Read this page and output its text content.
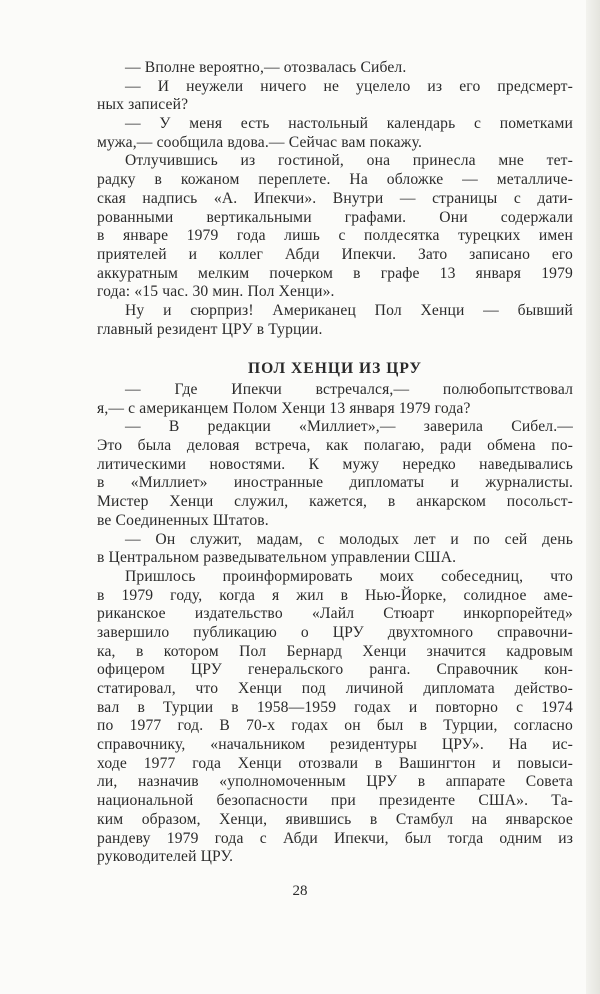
— Вполне вероятно,— отозвалась Сибел.
— И неужели ничего не уцелело из его предсмерт-
ных записей?
— У меня есть настольный календарь с пометками
мужа,— сообщила вдова.— Сейчас вам покажу.
Отлучившись из гостиной, она принесла мне тет-
радку в кожаном переплете. На обложке — металличе-
ская надпись «А. Ипекчи». Внутри — страницы с дати-
рованными вертикальными графами. Они содержали
в январе 1979 года лишь с полдесятка турецких имен
приятелей и коллег Абди Ипекчи. Зато записано его
аккуратным мелким почерком в графе 13 января 1979
года: «15 час. 30 мин. Пол Хенци».
Ну и сюрприз! Американец Пол Хенци — бывший
главный резидент ЦРУ в Турции.
ПОЛ ХЕНЦИ ИЗ ЦРУ
— Где Ипекчи встречался,— полюбопытствовал
я,— с американцем Полом Хенци 13 января 1979 года?
— В редакции «Миллиет»,— заверила Сибел.—
Это была деловая встреча, как полагаю, ради обмена по-
литическими новостями. К мужу нередко наведывались
в «Миллиет» иностранные дипломаты и журналисты.
Мистер Хенци служил, кажется, в анкарском посольст-
ве Соединенных Штатов.
— Он служит, мадам, с молодых лет и по сей день
в Центральном разведывательном управлении США.
Пришлось проинформировать моих собеседниц, что
в 1979 году, когда я жил в Нью-Йорке, солидное аме-
риканское издательство «Лайл Стюарт инкорпорейтед»
завершило публикацию о ЦРУ двухтомного справочни-
ка, в котором Пол Бернард Хенци значится кадровым
офицером ЦРУ генеральского ранга. Справочник кон-
статировал, что Хенци под личиной дипломата действо-
вал в Турции в 1958—1959 годах и повторно с 1974
по 1977 год. В 70-х годах он был в Турции, согласно
справочнику, «начальником резидентуры ЦРУ». На ис-
ходе 1977 года Хенци отозвали в Вашингтон и повыси-
ли, назначив «уполномоченным ЦРУ в аппарате Совета
национальной безопасности при президенте США». Та-
ким образом, Хенци, явившись в Стамбул на январское
рандеву 1979 года с Абди Ипекчи, был тогда одним из
руководителей ЦРУ.
28
